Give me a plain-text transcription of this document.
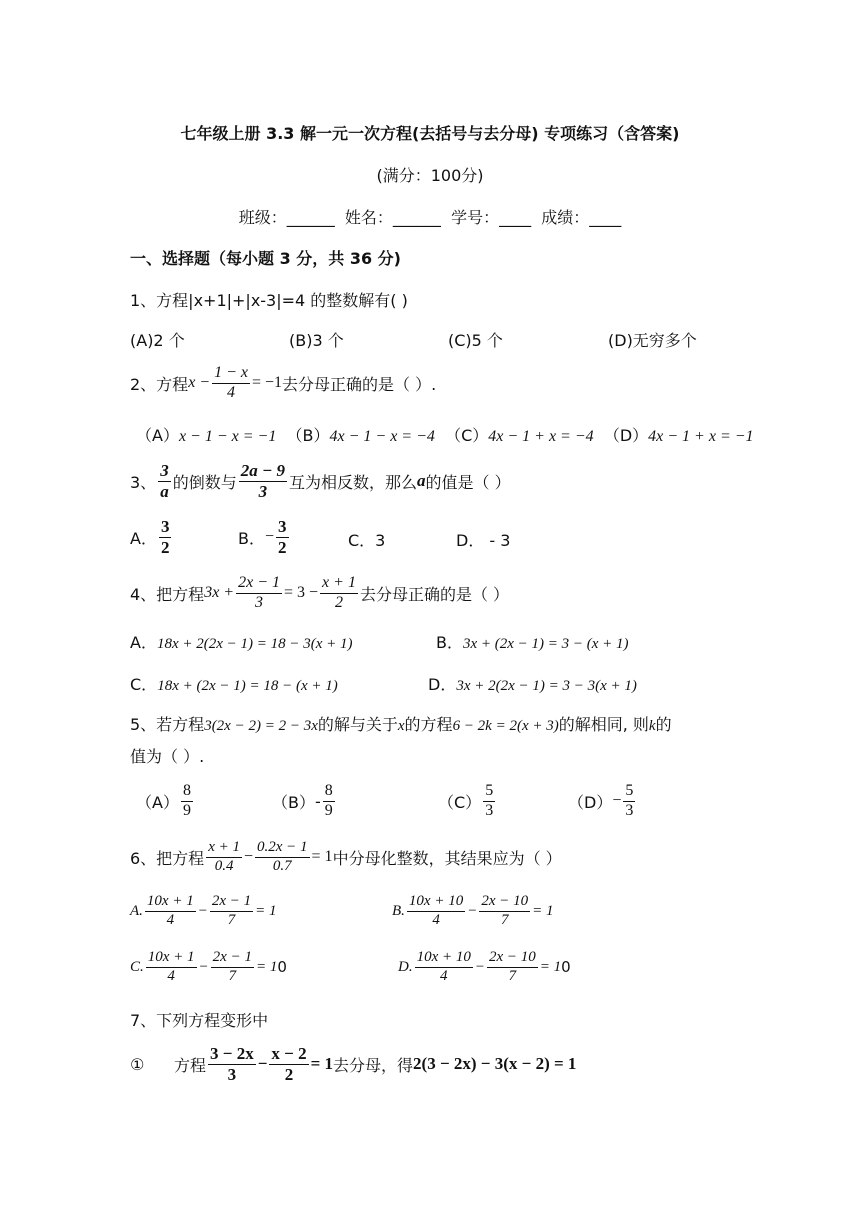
七年级上册 3.3 解一元一次方程(去括号与去分母) 专项练习（含答案)
(满分：100分)
班级：______ 姓名：______ 学号：____ 成绩：____
一、选择题（每小题 3 分，共 36 分)
1、方程|x+1|+|x-3|=4 的整数解有( )
(A)2 个	(B)3 个	(C)5 个	(D)无穷多个
2、方程 $x - \frac{1 - x}{4} = -1$ 去分母正确的是（ ）.
（A）x − 1 − x = −1 （B）4x − 1 − x = −4 （C）4x − 1 + x = −4 （D）4x − 1 + x = −1
3、 $\frac{3}{a}$ 的倒数与 $\frac{2a - 9}{3}$ 互为相反数，那么 a 的值是（ ）
A． $\frac{3}{2}$	B． − $\frac{3}{2}$	C．3	D． - 3
4、把方程 $3x + \frac{2x - 1}{3} = 3 - \frac{x + 1}{2}$ 去分母正确的是（ ）
A．18x + 2(2x − 1) = 18 − 3(x + 1)	B．3x + (2x − 1) = 3 − (x + 1)
C．18x + (2x − 1) = 18 − (x + 1)	D．3x + 2(2x − 1) = 3 − 3(x + 1)
5、若方程3(2x − 2) = 2 − 3x的解与关于x的方程6 − 2k = 2(x + 3)的解相同, 则k的
值为（ ）.
$(A) \frac{8}{9}$	$(B) - \frac{8}{9}$	$(C) \frac{5}{3}$	$(D) - \frac{5}{3}$
6、把方程 $\frac{x + 1}{0.4} - \frac{0.2x - 1}{0.7} = 1$ 中分母化整数，其结果应为（ ）
A. $\frac{10x + 1}{4} - \frac{2x - 1}{7} = 1$	B. $\frac{10x + 10}{4} - \frac{2x - 10}{7} = 1$
C. $\frac{10x + 1}{4} - \frac{2x - 1}{7} = 1$ 0	D. $\frac{10x + 10}{4} - \frac{2x - 10}{7} = 1$ 0
7、下列方程变形中
①	方程 $\frac{3 - 2x}{3} - \frac{x - 2}{2} = 1$ 去分母，得 2(3 − 2x) − 3(x − 2) = 1
